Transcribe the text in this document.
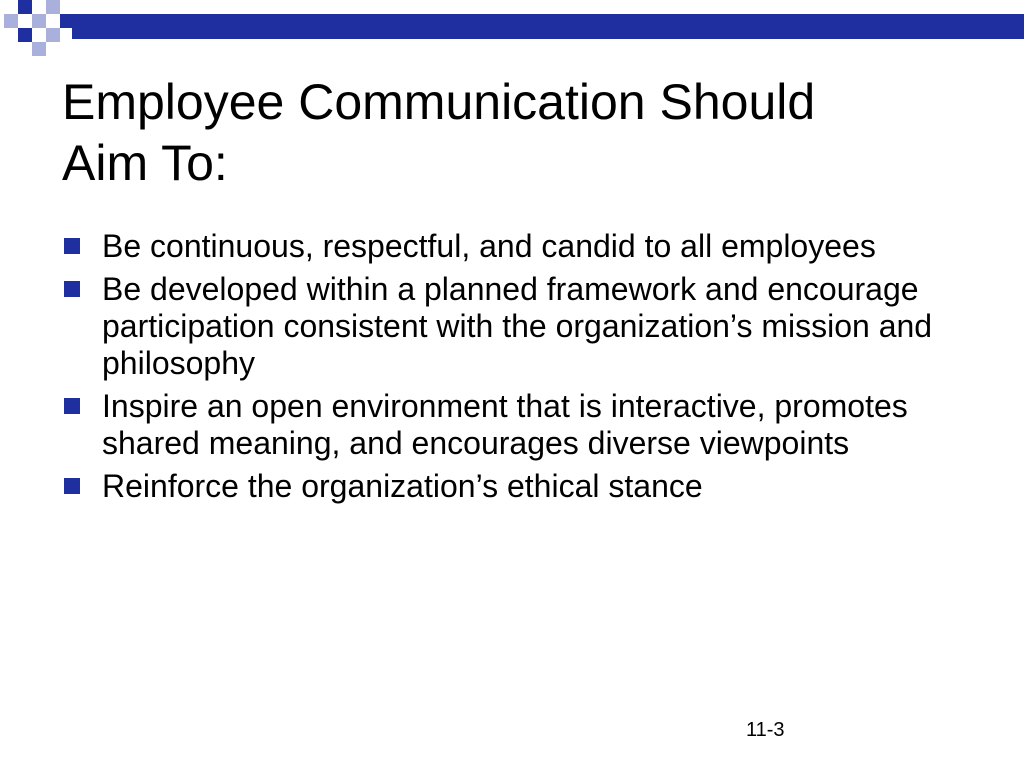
Employee Communication Should
Aim To:
Be continuous, respectful, and candid to all employees
Be developed within a planned framework and encourage participation consistent with the organization’s mission and philosophy
Inspire an open environment that is interactive, promotes shared meaning, and encourages diverse viewpoints
Reinforce the organization’s ethical stance
11-3
